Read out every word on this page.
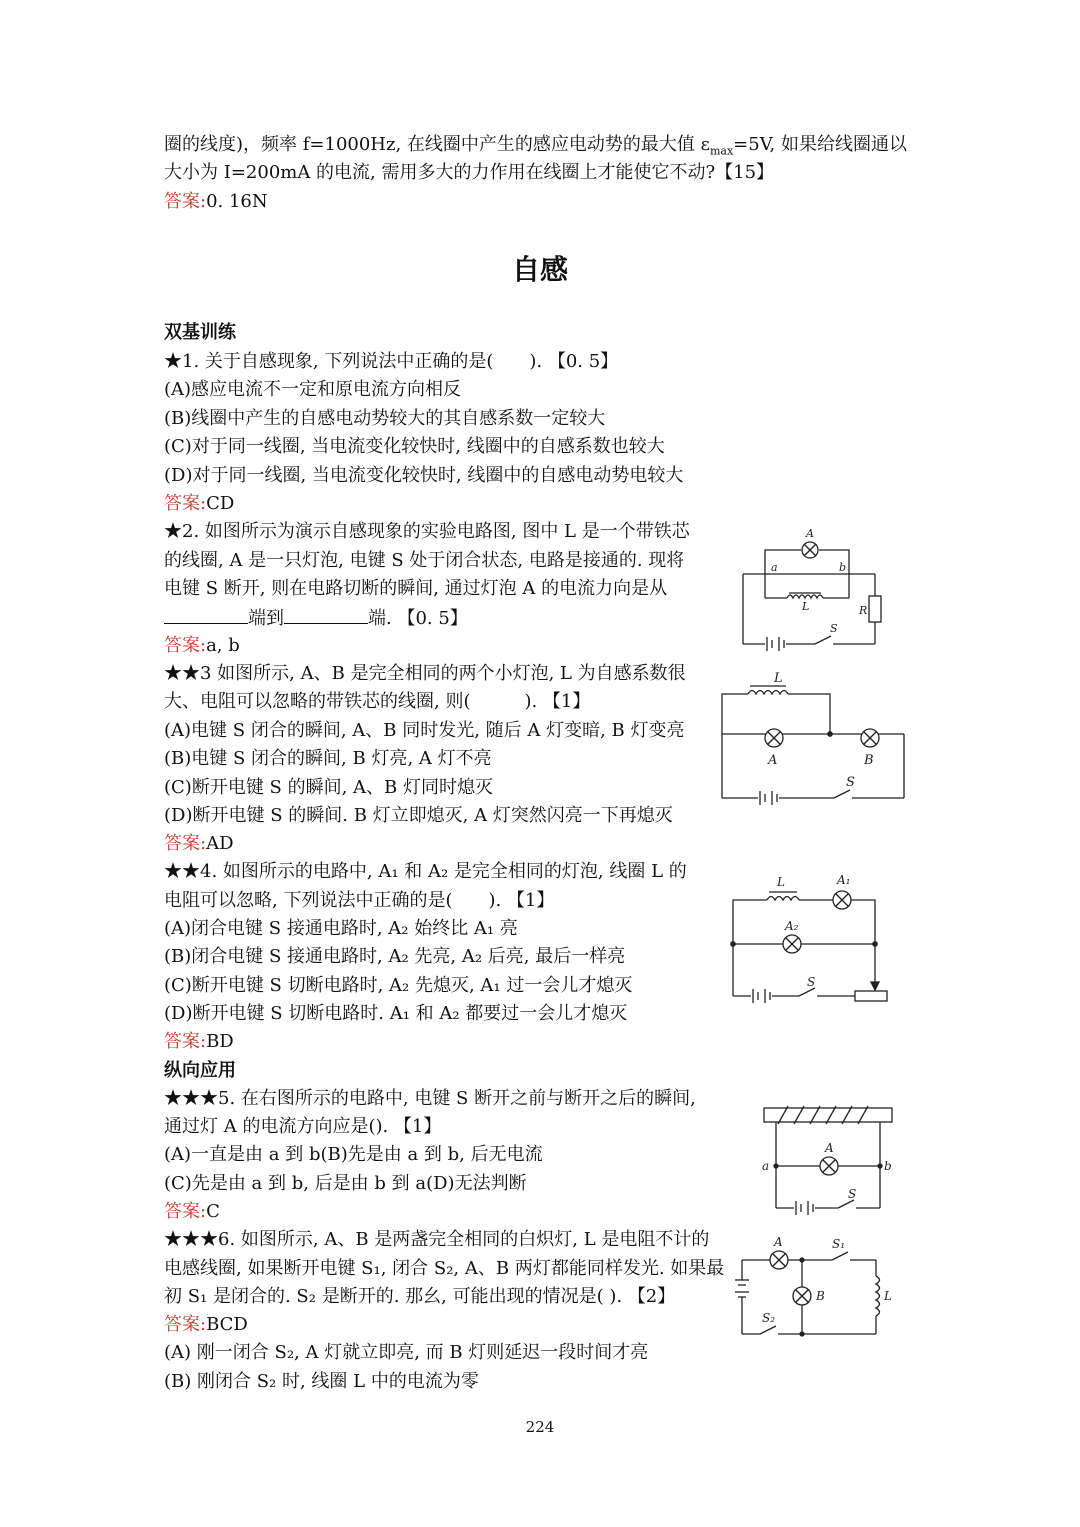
圈的线度)，频率 f=1000Hz, 在线圈中产生的感应电动势的最大值 $\varepsilon_{max}=5V$, 如果给线圈通以
大小为 I=200mA 的电流, 需用多大的力作用在线圈上才能使它不动?【15】
答案:0. 16N
自感
双基训练
★1. 关于自感现象, 下列说法中正确的是(　　). 【0. 5】
(A)感应电流不一定和原电流方向相反
(B)线圈中产生的自感电动势较大的其自感系数一定较大
(C)对于同一线圈, 当电流变化较快时, 线圈中的自感系数也较大
(D)对于同一线圈, 当电流变化较快时, 线圈中的自感电动势电较大
答案:CD
★2. 如图所示为演示自感现象的实验电路图, 图中 L 是一个带铁芯
的线圈, A 是一只灯泡, 电键 S 处于闭合状态, 电路是接通的. 现将
电键 S 断开, 则在电路切断的瞬间, 通过灯泡 A 的电流力向是从
端到	端. 【0. 5】
答案:a, b
★★3 如图所示, A、B 是完全相同的两个小灯泡, L 为自感系数很
大、电阻可以忽略的带铁芯的线圈, 则(　　　). 【1】
(A)电键 S 闭合的瞬间, A、B 同时发光, 随后 A 灯变暗, B 灯变亮
(B)电键 S 闭合的瞬间, B 灯亮, A 灯不亮
(C)断开电键 S 的瞬间, A、B 灯同时熄灭
(D)断开电键 S 的瞬间. B 灯立即熄灭, A 灯突然闪亮一下再熄灭
答案:AD
★★4. 如图所示的电路中, A₁ 和 A₂ 是完全相同的灯泡, 线圈 L 的
电阻可以忽略, 下列说法中正确的是(　　). 【1】
(A)闭合电键 S 接通电路时, A₂ 始终比 A₁ 亮
(B)闭合电键 S 接通电路时, A₂ 先亮, A₂ 后亮, 最后一样亮
(C)断开电键 S 切断电路时, A₂ 先熄灭, A₁ 过一会儿才熄灭
(D)断开电键 S 切断电路时. A₁ 和 A₂ 都要过一会儿才熄灭
答案:BD
纵向应用
★★★5. 在右图所示的电路中, 电键 S 断开之前与断开之后的瞬间,
通过灯 A 的电流方向应是(). 【1】
(A)一直是由 a 到 b(B)先是由 a 到 b, 后无电流
(C)先是由 a 到 b, 后是由 b 到 a(D)无法判断
答案:C
★★★6. 如图所示, A、B 是两盏完全相同的白炽灯, L 是电阻不计的
电感线圈, 如果断开电键 S₁, 闭合 S₂, A、B 两灯都能同样发光. 如果最
初 S₁ 是闭合的. S₂ 是断开的. 那幺, 可能出现的情况是( ). 【2】
答案:BCD
(A) 刚一闭合 S₂, A 灯就立即亮, 而 B 灯则延迟一段时间才亮
(B) 刚闭合 S₂ 时, 线圈 L 中的电流为零
A
a	b
L	R
S
L
A	B
S
L	A₁
A₂
S
A
a	b
S
A
B
S₁
S₂
L
224
